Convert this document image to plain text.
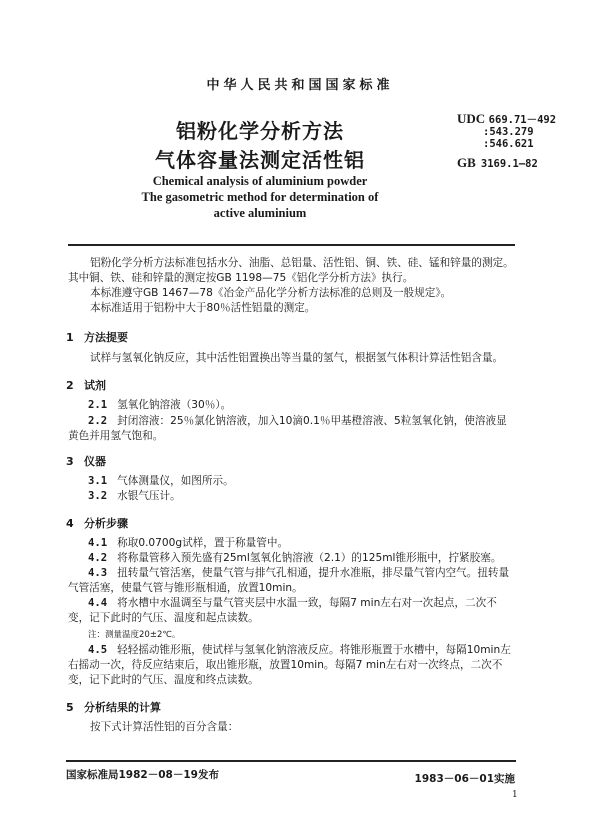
中华人民共和国国家标准
铝粉化学分析方法
气体容量法测定活性铝
Chemical analysis of aluminium powder
The gasometric method for determination of
active aluminium
UDC 669.71－492
:543.279
:546.621
GB 3169.1—82
铝粉化学分析方法标准包括水分、油脂、总铝量、活性铝、铜、铁、硅、锰和锌量的测定。其中铜、铁、硅和锌量的测定按GB 1198—75《铝化学分析方法》执行。
本标准遵守GB 1467—78《冶金产品化学分析方法标准的总则及一般规定》。
本标准适用于铝粉中大于80％活性铝量的测定。
1 方法提要
试样与氢氧化钠反应，其中活性铝置换出等当量的氢气，根据氢气体积计算活性铝含量。
2 试剂
2.1 氢氧化钠溶液（30％）。
2.2 封闭溶液：25％氯化钠溶液，加入10滴0.1％甲基橙溶液、5粒氢氧化钠，使溶液显黄色并用氢气饱和。
3 仪器
3.1 气体测量仪，如图所示。
3.2 水银气压计。
4 分析步骤
4.1 称取0.0700g试样，置于称量管中。
4.2 将称量管移入预先盛有25ml氢氧化钠溶液（2.1）的125ml锥形瓶中，拧紧胶塞。
4.3 扭转量气管活塞，使量气管与排气孔相通，提升水准瓶，排尽量气管内空气。扭转量气管活塞，使量气管与锥形瓶相通，放置10min。
4.4 将水槽中水温调至与量气管夹层中水温一致，每隔7 min左右对一次起点，二次不变，记下此时的气压、温度和起点读数。
注：测量温度20±2℃。
4.5 轻轻摇动锥形瓶，使试样与氢氧化钠溶液反应。将锥形瓶置于水槽中，每隔10min左右摇动一次，待反应结束后，取出锥形瓶，放置10min。每隔7 min左右对一次终点，二次不变，记下此时的气压、温度和终点读数。
5 分析结果的计算
按下式计算活性铝的百分含量：
国家标准局1982－08－19发布	1983－06－01实施
1
